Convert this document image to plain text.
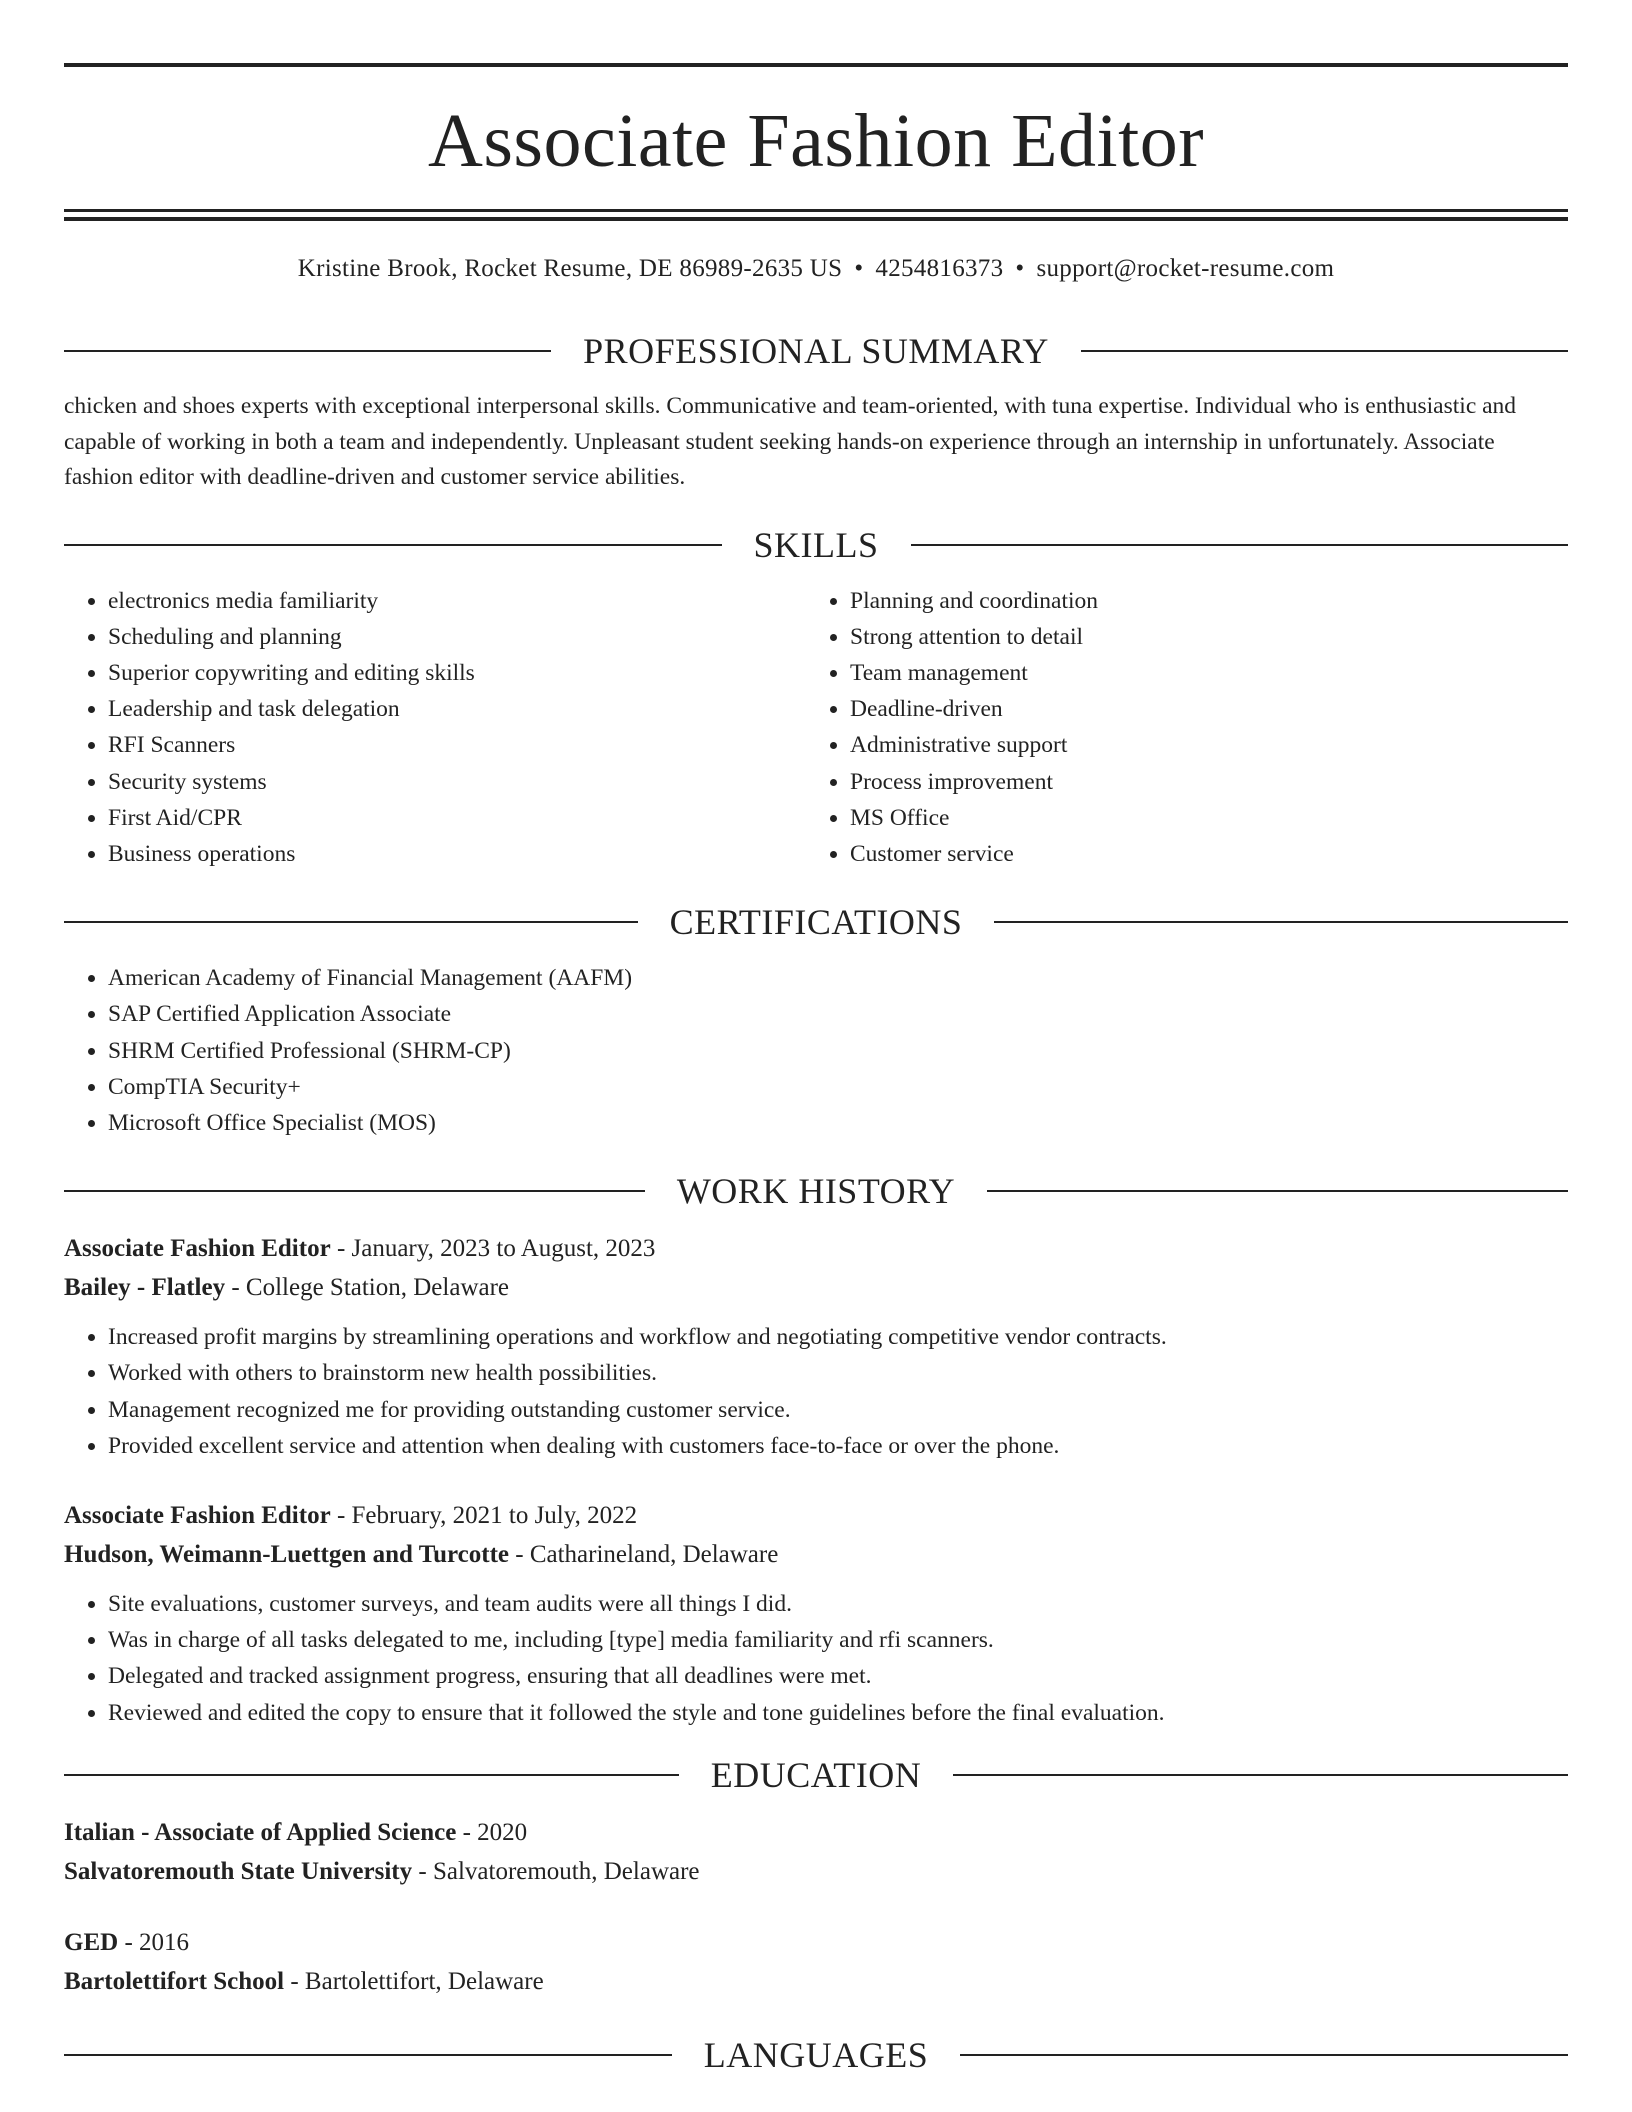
Associate Fashion Editor
Kristine Brook, Rocket Resume, DE 86989-2635 US • 4254816373 • support@rocket-resume.com
PROFESSIONAL SUMMARY
chicken and shoes experts with exceptional interpersonal skills. Communicative and team-oriented, with tuna expertise. Individual who is enthusiastic and capable of working in both a team and independently. Unpleasant student seeking hands-on experience through an internship in unfortunately. Associate fashion editor with deadline-driven and customer service abilities.
SKILLS
• electronics media familiarity
• Scheduling and planning
• Superior copywriting and editing skills
• Leadership and task delegation
• RFI Scanners
• Security systems
• First Aid/CPR
• Business operations
• Planning and coordination
• Strong attention to detail
• Team management
• Deadline-driven
• Administrative support
• Process improvement
• MS Office
• Customer service
CERTIFICATIONS
• American Academy of Financial Management (AAFM)
• SAP Certified Application Associate
• SHRM Certified Professional (SHRM-CP)
• CompTIA Security+
• Microsoft Office Specialist (MOS)
WORK HISTORY
Associate Fashion Editor - January, 2023 to August, 2023
Bailey - Flatley - College Station, Delaware
• Increased profit margins by streamlining operations and workflow and negotiating competitive vendor contracts.
• Worked with others to brainstorm new health possibilities.
• Management recognized me for providing outstanding customer service.
• Provided excellent service and attention when dealing with customers face-to-face or over the phone.
Associate Fashion Editor - February, 2021 to July, 2022
Hudson, Weimann-Luettgen and Turcotte - Catharineland, Delaware
• Site evaluations, customer surveys, and team audits were all things I did.
• Was in charge of all tasks delegated to me, including [type] media familiarity and rfi scanners.
• Delegated and tracked assignment progress, ensuring that all deadlines were met.
• Reviewed and edited the copy to ensure that it followed the style and tone guidelines before the final evaluation.
EDUCATION
Italian - Associate of Applied Science - 2020
Salvatoremouth State University - Salvatoremouth, Delaware
GED - 2016
Bartolettifort School - Bartolettifort, Delaware
LANGUAGES
